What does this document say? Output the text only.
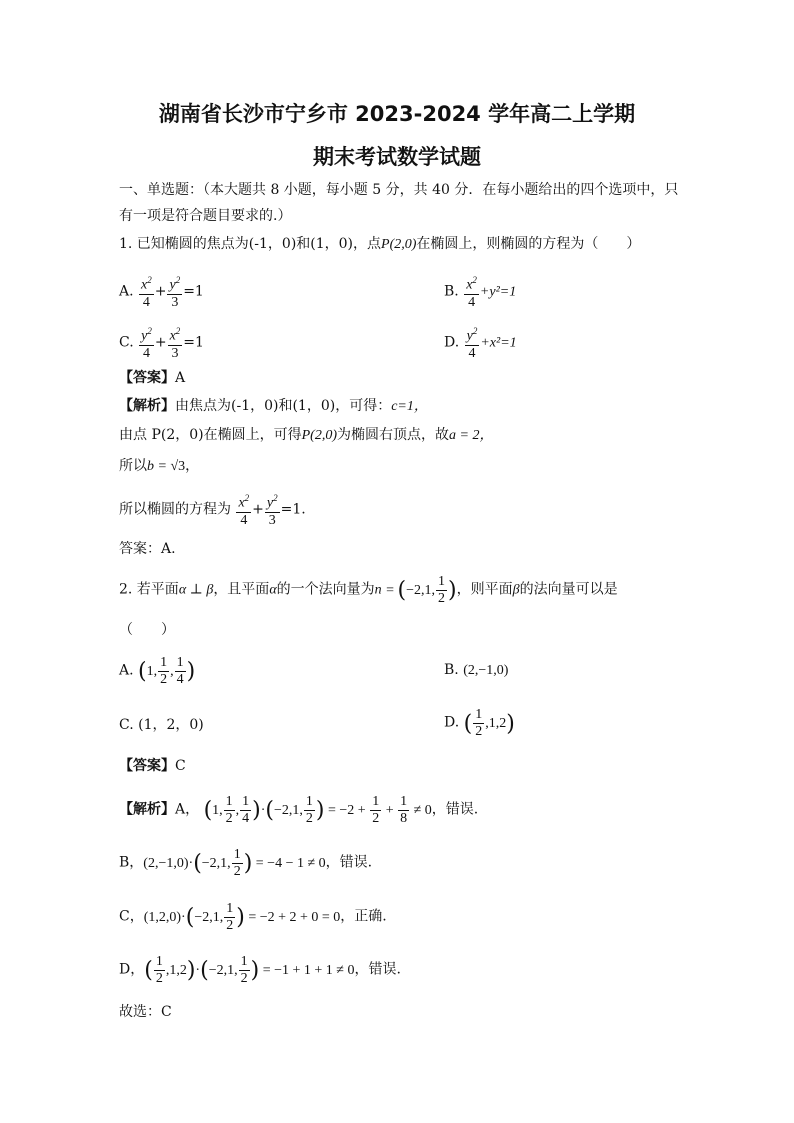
湖南省长沙市宁乡市 2023-2024 学年高二上学期
期末考试数学试题
一、单选题：（本大题共 8 小题，每小题 5 分，共 40 分．在每小题给出的四个选项中，只
有一项是符合题目要求的.）
1. 已知椭圆的焦点为(-1，0)和(1，0)，点P(2,0)在椭圆上，则椭圆的方程为（　　）
A. $\frac{x^2}{4} + \frac{y^2}{3} =1$	B. $\frac{x^2}{4} +y^2=1$
C. $\frac{y^2}{4} + \frac{x^2}{3} =1$	D. $\frac{y^2}{4} +x^2=1$
【答案】A
【解析】由焦点为(-1，0)和(1，0)，可得：c=1，
由点 P(2，0)在椭圆上，可得P(2,0)为椭圆右顶点，故a = 2，
所以b = √3，
所以椭圆的方程为 $\frac{x^2}{4} + \frac{y^2}{3} =1$.
答案：A.
2. 若平面α ⊥ β，且平面α的一个法向量为n = (−2,1, $\frac{1}{2}$ )，则平面β的法向量可以是
（　　）
A. (1, $\frac{1}{2}$ , $\frac{1}{4}$ )	B. (2,−1,0)
C. (1，2，0)	D. ( $\frac{1}{2} ,1,2$)
【答案】C
【解析】A， (1, $\frac{1}{2}$ , $\frac{1}{4} )\cdot(-2,1$, $\frac{1}{2}$ ) = $-2 + \frac{1}{2} + \frac{1}{8} \ne 0$，错误.
B，(2,−1,0)·(−2,1, $\frac{1}{2}$ ) = −4 − 1 ≠ 0，错误.
C，(1,2,0)·(−2,1, $\frac{1}{2}$ ) = −2 + 2 + 0 = 0，正确.
D，( $\frac{1}{2} ,1,2)\cdot(-2,1$, $\frac{1}{2}$ ) = −1 + 1 + 1 ≠ 0，错误.
故选：C
